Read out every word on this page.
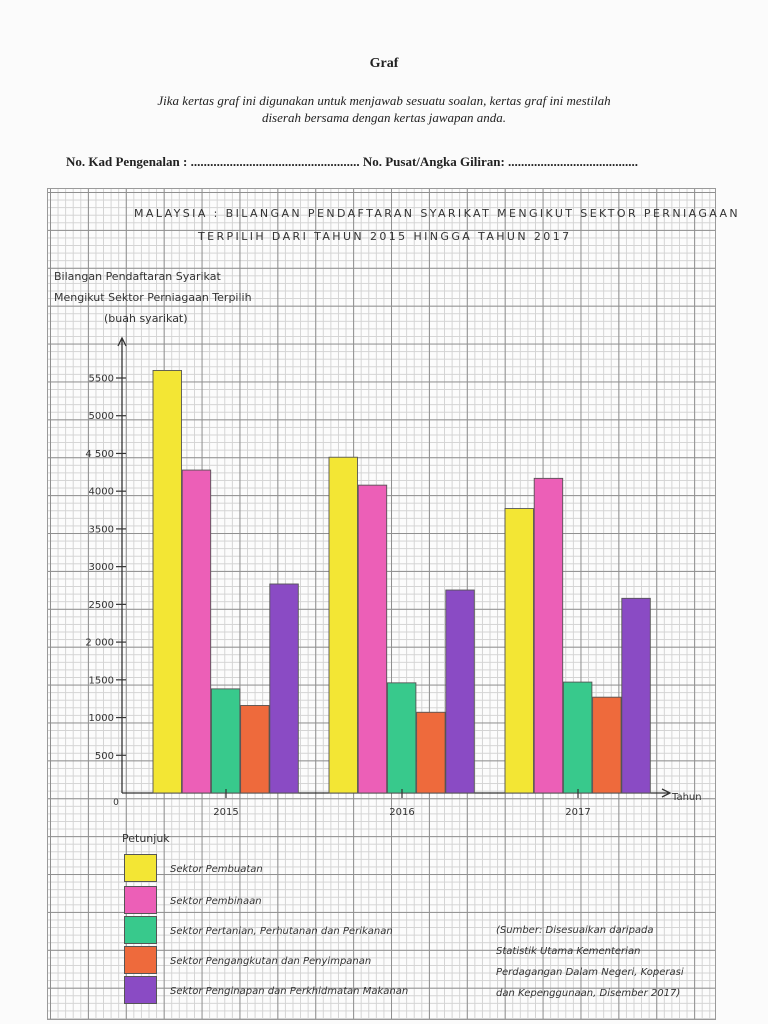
Graf
Jika kertas graf ini digunakan untuk menjawab sesuatu soalan, kertas graf ini mestilah
diserah bersama dengan kertas jawapan anda.
No. Kad Pengenalan : .................................................... No. Pusat/Angka Giliran: ........................................
MALAYSIA : BILANGAN PENDAFTARAN SYARIKAT MENGIKUT SEKTOR PERNIAGAAN
TERPILIH DARI TAHUN 2015 HINGGA TAHUN 2017
Bilangan Pendaftaran Syarikat
Mengikut Sektor Perniagaan Terpilih
(buah syarikat)
Tahun
0
500
1000
1500
2 000
2500
3000
3500
4000
4 500
5000
5500
2015	2016	2017
Petunjuk
Sektor Pembuatan
Sektor Pembinaan
Sektor Pertanian, Perhutanan dan Perikanan
Sektor Pengangkutan dan Penyimpanan
Sektor Penginapan dan Perkhidmatan Makanan
(Sumber: Disesuaikan daripada
Statistik Utama Kementerian
Perdagangan Dalam Negeri, Koperasi
dan Kepenggunaan, Disember 2017)
